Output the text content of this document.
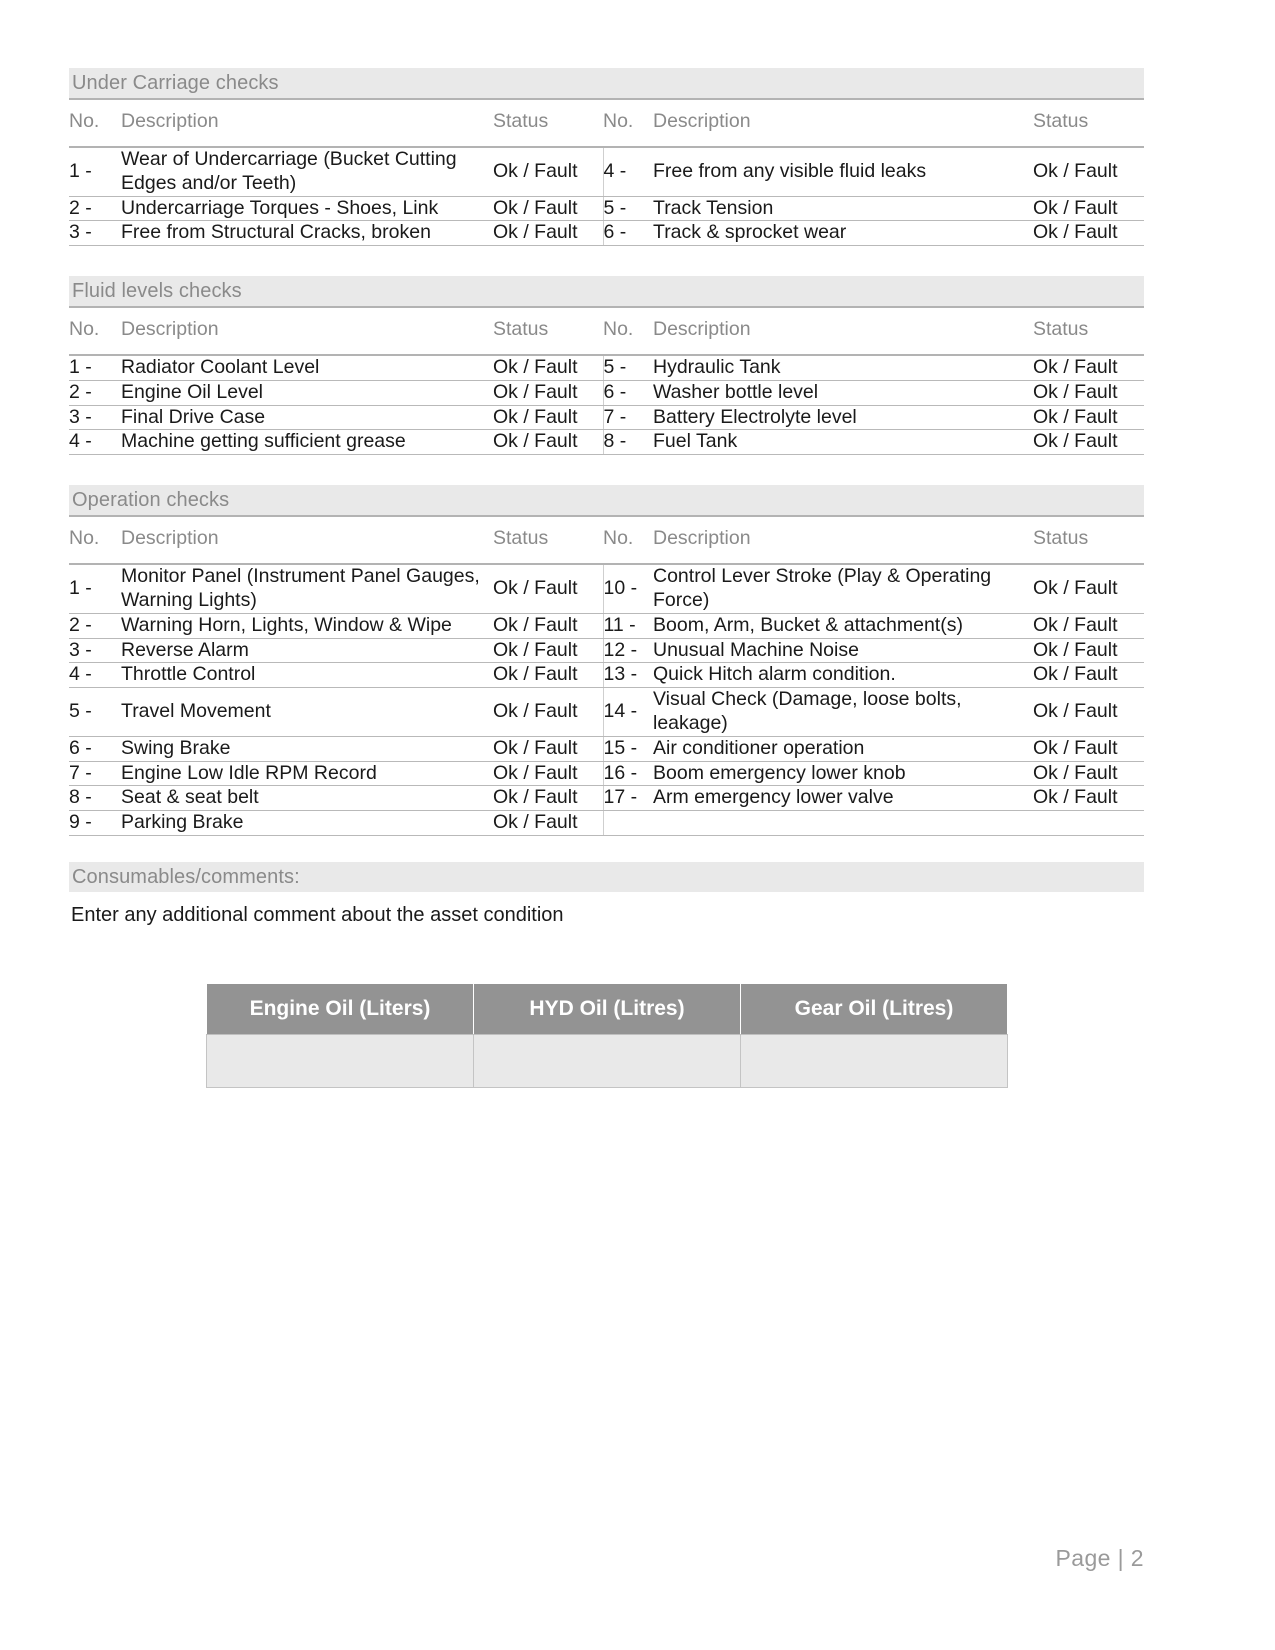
Under Carriage checks
No.	Description	Status	No.	Description	Status
1 -	Wear of Undercarriage (Bucket Cutting Edges and/or Teeth)	Ok / Fault	4 -	Free from any visible fluid leaks	Ok / Fault
2 -	Undercarriage Torques - Shoes, Link	Ok / Fault	5 -	Track Tension	Ok / Fault
3 -	Free from Structural Cracks, broken	Ok / Fault	6 -	Track & sprocket wear	Ok / Fault
Fluid levels checks
No.	Description	Status	No.	Description	Status
1 -	Radiator Coolant Level	Ok / Fault	5 -	Hydraulic Tank	Ok / Fault
2 -	Engine Oil Level	Ok / Fault	6 -	Washer bottle level	Ok / Fault
3 -	Final Drive Case	Ok / Fault	7 -	Battery Electrolyte level	Ok / Fault
4 -	Machine getting sufficient grease	Ok / Fault	8 -	Fuel Tank	Ok / Fault
Operation checks
No.	Description	Status	No.	Description	Status
1 -	Monitor Panel (Instrument Panel Gauges, Warning Lights)	Ok / Fault	10 -	Control Lever Stroke (Play & Operating Force)	Ok / Fault
2 -	Warning Horn, Lights, Window & Wipe	Ok / Fault	11 -	Boom, Arm, Bucket & attachment(s)	Ok / Fault
3 -	Reverse Alarm	Ok / Fault	12 -	Unusual Machine Noise	Ok / Fault
4 -	Throttle Control	Ok / Fault	13 -	Quick Hitch alarm condition.	Ok / Fault
5 -	Travel Movement	Ok / Fault	14 -	Visual Check (Damage, loose bolts, leakage)	Ok / Fault
6 -	Swing Brake	Ok / Fault	15 -	Air conditioner operation	Ok / Fault
7 -	Engine Low Idle RPM Record	Ok / Fault	16 -	Boom emergency lower knob	Ok / Fault
8 -	Seat & seat belt	Ok / Fault	17 -	Arm emergency lower valve	Ok / Fault
9 -	Parking Brake	Ok / Fault			
Consumables/comments:
Enter any additional comment about the asset condition
Engine Oil (Liters)	HYD Oil (Litres)	Gear Oil (Litres)

Page | 2
